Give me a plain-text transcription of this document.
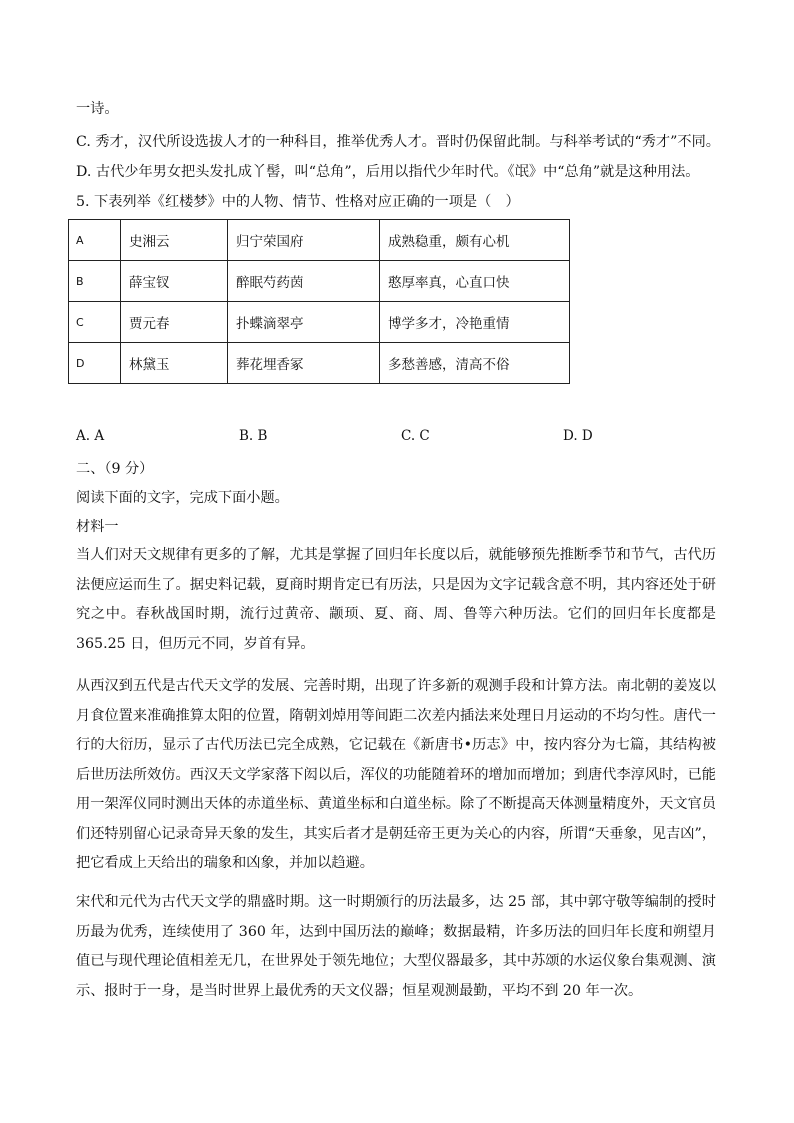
一诗。
C. 秀才，汉代所设选拔人才的一种科目，推举优秀人才。晋时仍保留此制。与科举考试的“秀才”不同。
D. 古代少年男女把头发扎成丫髻，叫“总角”，后用以指代少年时代。《氓》中“总角”就是这种用法。
5. 下表列举《红楼梦》中的人物、情节、性格对应正确的一项是（　）
A	史湘云	归宁荣国府	成熟稳重，颇有心机
B	薛宝钗	醉眠芍药茵	憨厚率真，心直口快
C	贾元春	扑蝶滴翠亭	博学多才，冷艳重情
D	林黛玉	葬花埋香冢	多愁善感，清高不俗
A. A	B. B	C. C	D. D
二、（9 分）
阅读下面的文字，完成下面小题。
材料一
当人们对天文规律有更多的了解，尤其是掌握了回归年长度以后，就能够预先推断季节和节气，古代历法便应运而生了。据史料记载，夏商时期肯定已有历法，只是因为文字记载含意不明，其内容还处于研究之中。春秋战国时期，流行过黄帝、颛顼、夏、商、周、鲁等六种历法。它们的回归年长度都是 365.25 日，但历元不同，岁首有异。
从西汉到五代是古代天文学的发展、完善时期，出现了许多新的观测手段和计算方法。南北朝的姜岌以月食位置来准确推算太阳的位置，隋朝刘焯用等间距二次差内插法来处理日月运动的不均匀性。唐代一行的大衍历，显示了古代历法已完全成熟，它记载在《新唐书•历志》中，按内容分为七篇，其结构被后世历法所效仿。西汉天文学家落下闳以后，浑仪的功能随着环的增加而增加；到唐代李淳风时，已能用一架浑仪同时测出天体的赤道坐标、黄道坐标和白道坐标。除了不断提高天体测量精度外，天文官员们还特别留心记录奇异天象的发生，其实后者才是朝廷帝王更为关心的内容，所谓“天垂象，见吉凶”，把它看成上天给出的瑞象和凶象，并加以趋避。
宋代和元代为古代天文学的鼎盛时期。这一时期颁行的历法最多，达 25 部，其中郭守敬等编制的授时历最为优秀，连续使用了 360 年，达到中国历法的巅峰；数据最精，许多历法的回归年长度和朔望月值已与现代理论值相差无几，在世界处于领先地位；大型仪器最多，其中苏颂的水运仪象台集观测、演示、报时于一身，是当时世界上最优秀的天文仪器；恒星观测最勤，平均不到 20 年一次。
